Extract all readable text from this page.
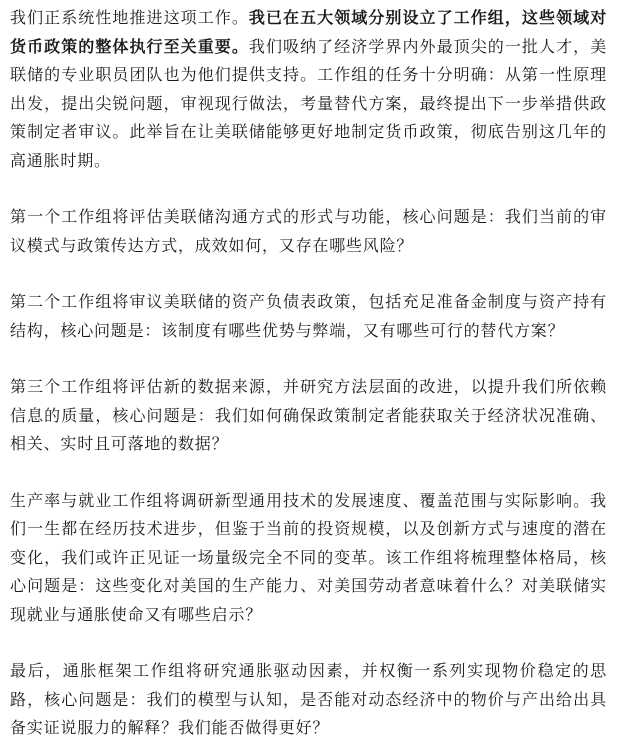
我们正系统性地推进这项工作。我已在五大领域分别设立了工作组，这些领域对货币政策的整体执行至关重要。我们吸纳了经济学界内外最顶尖的一批人才，美联储的专业职员团队也为他们提供支持。工作组的任务十分明确：从第一性原理出发，提出尖锐问题，审视现行做法，考量替代方案，最终提出下一步举措供政策制定者审议。此举旨在让美联储能够更好地制定货币政策，彻底告别这几年的高通胀时期。

第一个工作组将评估美联储沟通方式的形式与功能，核心问题是：我们当前的审议模式与政策传达方式，成效如何，又存在哪些风险？

第二个工作组将审议美联储的资产负债表政策，包括充足准备金制度与资产持有结构，核心问题是：该制度有哪些优势与弊端，又有哪些可行的替代方案？

第三个工作组将评估新的数据来源，并研究方法层面的改进，以提升我们所依赖信息的质量，核心问题是：我们如何确保政策制定者能获取关于经济状况准确、相关、实时且可落地的数据？

生产率与就业工作组将调研新型通用技术的发展速度、覆盖范围与实际影响。我们一生都在经历技术进步，但鉴于当前的投资规模，以及创新方式与速度的潜在变化，我们或许正见证一场量级完全不同的变革。该工作组将梳理整体格局，核心问题是：这些变化对美国的生产能力、对美国劳动者意味着什么？对美联储实现就业与通胀使命又有哪些启示？

最后，通胀框架工作组将研究通胀驱动因素，并权衡一系列实现物价稳定的思路，核心问题是：我们的模型与认知，是否能对动态经济中的物价与产出给出具备实证说服力的解释？我们能否做得更好？
